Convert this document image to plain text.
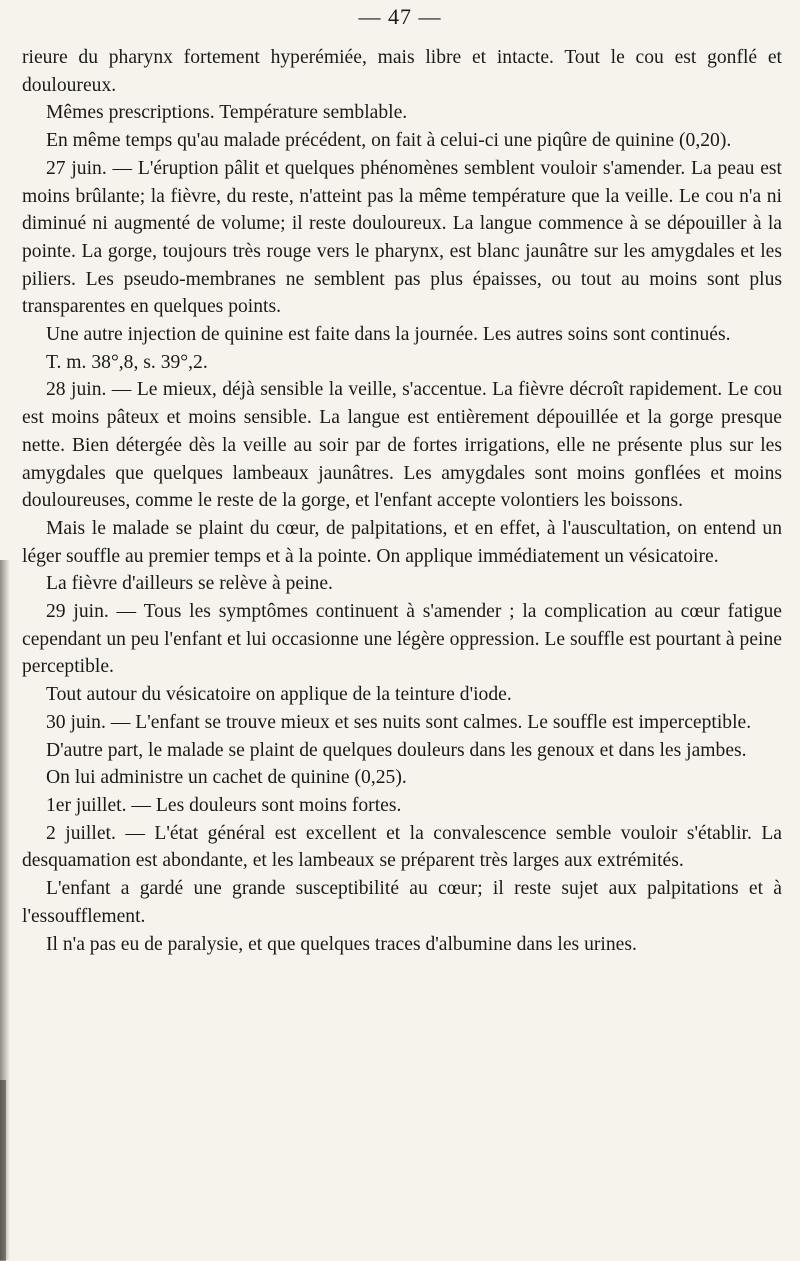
— 47 —

rieure du pharynx fortement hyperémiée, mais libre et intacte. Tout le cou est gonflé et douloureux.

Mêmes prescriptions. Température semblable.

En même temps qu'au malade précédent, on fait à celui-ci une piqûre de quinine (0,20).

27 juin. — L'éruption pâlit et quelques phénomènes semblent vouloir s'amender. La peau est moins brûlante; la fièvre, du reste, n'atteint pas la même température que la veille. Le cou n'a ni diminué ni augmenté de volume; il reste douloureux. La langue commence à se dépouiller à la pointe. La gorge, toujours très rouge vers le pharynx, est blanc jaunâtre sur les amygdales et les piliers. Les pseudo-membranes ne semblent pas plus épaisses, ou tout au moins sont plus transparentes en quelques points.

Une autre injection de quinine est faite dans la journée. Les autres soins sont continués.

T. m. 38°,8, s. 39°,2.

28 juin. — Le mieux, déjà sensible la veille, s'accentue. La fièvre décroît rapidement. Le cou est moins pâteux et moins sensible. La langue est entièrement dépouillée et la gorge presque nette. Bien détergée dès la veille au soir par de fortes irrigations, elle ne présente plus sur les amygdales que quelques lambeaux jaunâtres. Les amygdales sont moins gonflées et moins douloureuses, comme le reste de la gorge, et l'enfant accepte volontiers les boissons.

Mais le malade se plaint du cœur, de palpitations, et en effet, à l'auscultation, on entend un léger souffle au premier temps et à la pointe. On applique immédiatement un vésicatoire.

La fièvre d'ailleurs se relève à peine.

29 juin. — Tous les symptômes continuent à s'amender ; la complication au cœur fatigue cependant un peu l'enfant et lui occasionne une légère oppression. Le souffle est pourtant à peine perceptible.

Tout autour du vésicatoire on applique de la teinture d'iode.

30 juin. — L'enfant se trouve mieux et ses nuits sont calmes. Le souffle est imperceptible.

D'autre part, le malade se plaint de quelques douleurs dans les genoux et dans les jambes.

On lui administre un cachet de quinine (0,25).

1er juillet. — Les douleurs sont moins fortes.

2 juillet. — L'état général est excellent et la convalescence semble vouloir s'établir. La desquamation est abondante, et les lambeaux se préparent très larges aux extrémités.

L'enfant a gardé une grande susceptibilité au cœur; il reste sujet aux palpitations et à l'essoufflement.

Il n'a pas eu de paralysie, et que quelques traces d'albumine dans les urines.
